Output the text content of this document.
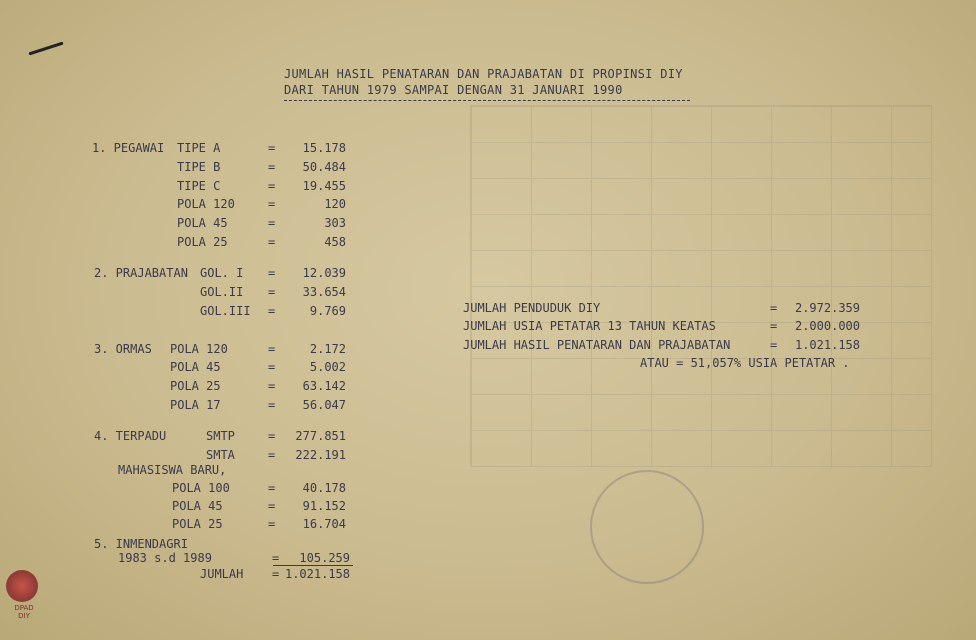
JUMLAH HASIL PENATARAN DAN PRAJABATAN DI PROPINSI DIY
DARI TAHUN 1979 SAMPAI DENGAN 31 JANUARI 1990
1. PEGAWAI TIPE A	=	15.178
TIPE B	=	50.484
TIPE C	=	19.455
POLA 120	=	120
POLA 45	=	303
POLA 25	=	458
2. PRAJABATAN GOL. I =	12.039
GOL.II =	33.654
GOL.III =	9.769
3. ORMAS POLA 120	=	2.172
POLA 45	=	5.002
POLA 25	=	63.142
POLA 17	=	56.047
4. TERPADU	SMTP	=	277.851
SMTA	=	222.191
MAHASISWA BARU,
POLA 100	=	40.178
POLA 45	=	91.152
POLA 25	=	16.704
5. INMENDAGRI
1983 s.d 1989	=	105.259
JUMLAH = 1.021.158
JUMLAH PENDUDUK DIY	=	2.972.359
JUMLAH USIA PETATAR 13 TAHUN KEATAS	=	2.000.000
JUMLAH HASIL PENATARAN DAN PRAJABATAN	=	1.021.158
ATAU = 51,057% USIA PETATAR .
DPAD
DIY
